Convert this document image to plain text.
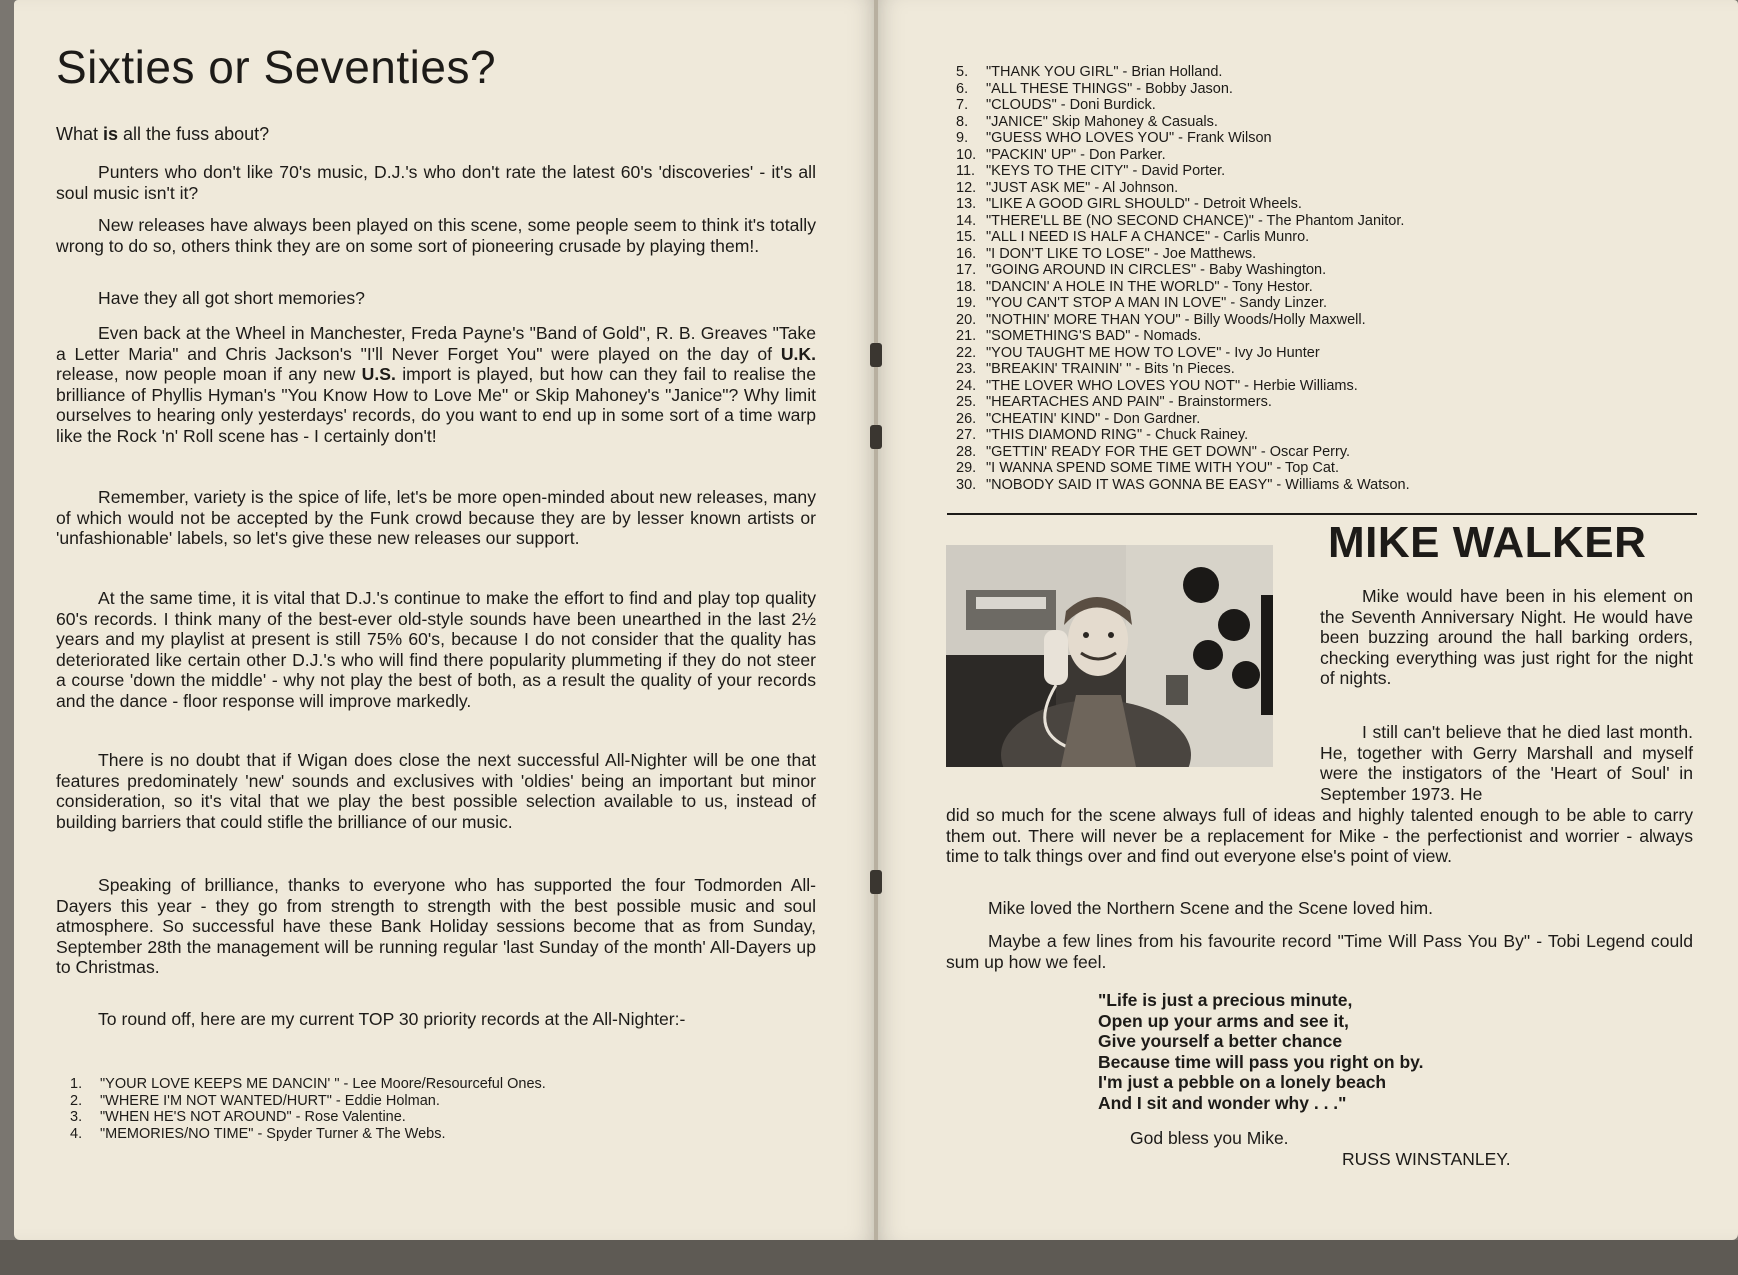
Sixties or Seventies?

What is all the fuss about?

Punters who don't like 70's music, D.J.'s who don't rate the latest 60's 'discoveries' - it's all soul music isn't it?

New releases have always been played on this scene, some people seem to think it's totally wrong to do so, others think they are on some sort of pioneering crusade by playing them!.

Have they all got short memories?

Even back at the Wheel in Manchester, Freda Payne's "Band of Gold", R. B. Greaves "Take a Letter Maria" and Chris Jackson's "I'll Never Forget You" were played on the day of U.K. release, now people moan if any new U.S. import is played, but how can they fail to realise the brilliance of Phyllis Hyman's "You Know How to Love Me" or Skip Mahoney's "Janice"? Why limit ourselves to hearing only yesterdays' records, do you want to end up in some sort of a time warp like the Rock 'n' Roll scene has - I certainly don't!

Remember, variety is the spice of life, let's be more open-minded about new releases, many of which would not be accepted by the Funk crowd because they are by lesser known artists or 'unfashionable' labels, so let's give these new releases our support.

At the same time, it is vital that D.J.'s continue to make the effort to find and play top quality 60's records. I think many of the best-ever old-style sounds have been unearthed in the last 2½ years and my playlist at present is still 75% 60's, because I do not consider that the quality has deteriorated like certain other D.J.'s who will find there popularity plummeting if they do not steer a course 'down the middle' - why not play the best of both, as a result the quality of your records and the dance - floor response will improve markedly.

There is no doubt that if Wigan does close the next successful All-Nighter will be one that features predominately 'new' sounds and exclusives with 'oldies' being an important but minor consideration, so it's vital that we play the best possible selection available to us, instead of building barriers that could stifle the brilliance of our music.

Speaking of brilliance, thanks to everyone who has supported the four Todmorden All-Dayers this year - they go from strength to strength with the best possible music and soul atmosphere. So successful have these Bank Holiday sessions become that as from Sunday, September 28th the management will be running regular 'last Sunday of the month' All-Dayers up to Christmas.

To round off, here are my current TOP 30 priority records at the All-Nighter:-

1. "YOUR LOVE KEEPS ME DANCIN' " - Lee Moore/Resourceful Ones.
2. "WHERE I'M NOT WANTED/HURT" - Eddie Holman.
3. "WHEN HE'S NOT AROUND" - Rose Valentine.
4. "MEMORIES/NO TIME" - Spyder Turner & The Webs.
5. "THANK YOU GIRL" - Brian Holland.
6. "ALL THESE THINGS" - Bobby Jason.
7. "CLOUDS" - Doni Burdick.
8. "JANICE" Skip Mahoney & Casuals.
9. "GUESS WHO LOVES YOU" - Frank Wilson
10. "PACKIN' UP" - Don Parker.
11. "KEYS TO THE CITY" - David Porter.
12. "JUST ASK ME" - Al Johnson.
13. "LIKE A GOOD GIRL SHOULD" - Detroit Wheels.
14. "THERE'LL BE (NO SECOND CHANCE)" - The Phantom Janitor.
15. "ALL I NEED IS HALF A CHANCE" - Carlis Munro.
16. "I DON'T LIKE TO LOSE" - Joe Matthews.
17. "GOING AROUND IN CIRCLES" - Baby Washington.
18. "DANCIN' A HOLE IN THE WORLD" - Tony Hestor.
19. "YOU CAN'T STOP A MAN IN LOVE" - Sandy Linzer.
20. "NOTHIN' MORE THAN YOU" - Billy Woods/Holly Maxwell.
21. "SOMETHING'S BAD" - Nomads.
22. "YOU TAUGHT ME HOW TO LOVE" - Ivy Jo Hunter
23. "BREAKIN' TRAININ' " - Bits 'n Pieces.
24. "THE LOVER WHO LOVES YOU NOT" - Herbie Williams.
25. "HEARTACHES AND PAIN" - Brainstormers.
26. "CHEATIN' KIND" - Don Gardner.
27. "THIS DIAMOND RING" - Chuck Rainey.
28. "GETTIN' READY FOR THE GET DOWN" - Oscar Perry.
29. "I WANNA SPEND SOME TIME WITH YOU" - Top Cat.
30. "NOBODY SAID IT WAS GONNA BE EASY" - Williams & Watson.
MIKE WALKER

Mike would have been in his element on the Seventh Anniversary Night. He would have been buzzing around the hall barking orders, checking everything was just right for the night of nights.

I still can't believe that he died last month. He, together with Gerry Marshall and myself were the instigators of the 'Heart of Soul' in September 1973. He

did so much for the scene always full of ideas and highly talented enough to be able to carry them out. There will never be a replacement for Mike - the perfectionist and worrier - always time to talk things over and find out everyone else's point of view.

Mike loved the Northern Scene and the Scene loved him.

Maybe a few lines from his favourite record "Time Will Pass You By" - Tobi Legend could sum up how we feel.

"Life is just a precious minute,
Open up your arms and see it,
Give yourself a better chance
Because time will pass you right on by.
I'm just a pebble on a lonely beach
And I sit and wonder why . . ."

God bless you Mike.

RUSS WINSTANLEY.
